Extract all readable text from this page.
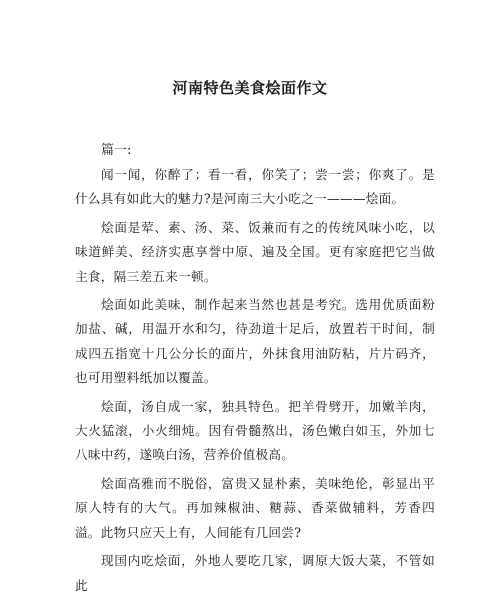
河南特色美食烩面作文
篇一:

闻一闻，你醉了；看一看，你笑了；尝一尝；你爽了。是什么具有如此大的魅力?是河南三大小吃之一———烩面。

烩面是荤、素、汤、菜、饭兼而有之的传统风味小吃，以味道鲜美、经济实惠享誉中原、遍及全国。更有家庭把它当做主食，隔三差五来一顿。

烩面如此美味，制作起来当然也甚是考究。选用优质面粉加盐、碱，用温开水和匀，待劲道十足后，放置若干时间，制成四五指宽十几公分长的面片，外抹食用油防粘，片片码齐，也可用塑料纸加以覆盖。

烩面，汤自成一家，独具特色。把羊骨劈开，加嫩羊肉，大火猛滚，小火细炖。因有骨髓熬出，汤色嫩白如玉，外加七八味中药，遂唤白汤，营养价值极高。

烩面高雅而不脱俗，富贵又显朴素，美味绝伦，彰显出平原人特有的大气。再加辣椒油、糖蒜、香菜做辅料，芳香四溢。此物只应天上有，人间能有几回尝?

现国内吃烩面，外地人要吃几家，调原大饭大菜，不管如此
